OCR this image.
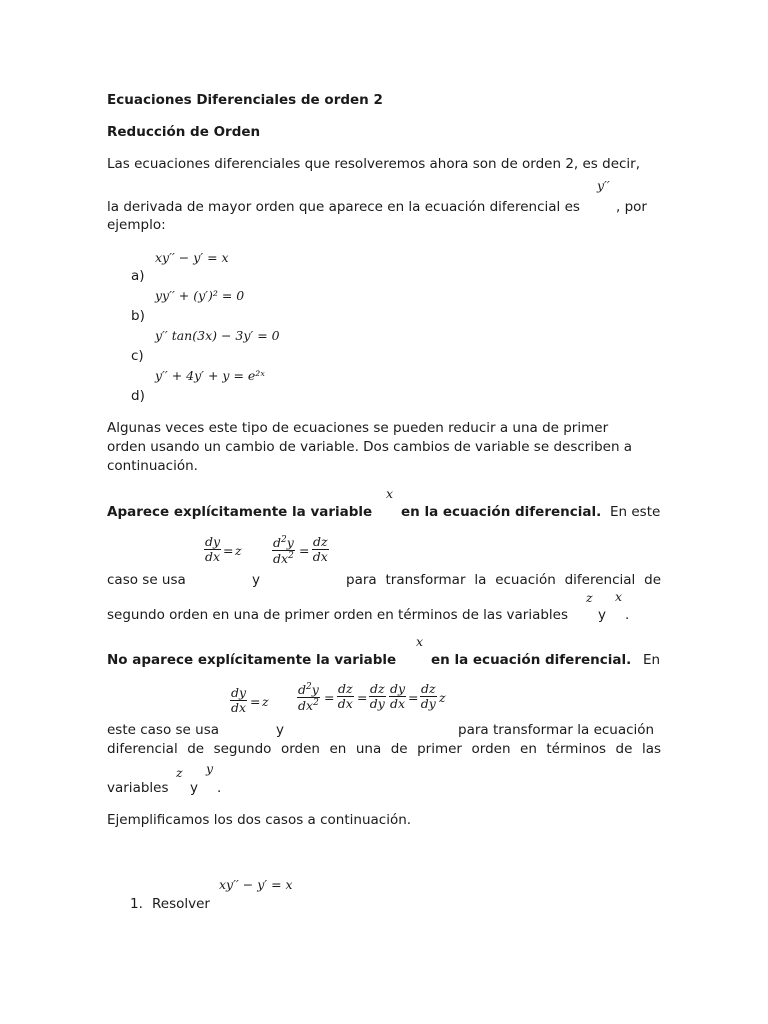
Ecuaciones Diferenciales de orden 2
Reducción de Orden
Las ecuaciones diferenciales que resolveremos ahora son de orden 2, es decir,
y′′
la derivada de mayor orden que aparece en la ecuación diferencial es	, por
ejemplo:
xy′′ − y′ = x
a)
yy′′ + (y′)² = 0
b)
y′′ tan(3x) − 3y′ = 0
c)
y′′ + 4y′ + y = e²ˣ
d)
Algunas veces este tipo de ecuaciones se pueden reducir a una de primer
orden usando un cambio de variable. Dos cambios de variable se describen a
continuación.
x
Aparece explícitamente la variable en la ecuación diferencial. En este
$\frac{dy}{dx} = z \frac{d^2y}{dx^2} = \frac{dz}{dx}$
caso se usa	y	para transformar la ecuación diferencial de
z x
segundo orden en una de primer orden en términos de las variables y .
x
No aparece explícitamente la variable	en la ecuación diferencial. En
$\frac{dy}{dx} = z \frac{d^2y}{dx^2} = \frac{dz}{dx} = \frac{dz}{dy} \frac{dy}{dx} = \frac{dz}{dy}$ z
este caso se usa	y	para transformar la ecuación
diferencial de segundo orden en una de primer orden en términos de las
z y
variables y .
Ejemplificamos los dos casos a continuación.
xy′′ − y′ = x
1. Resolver
